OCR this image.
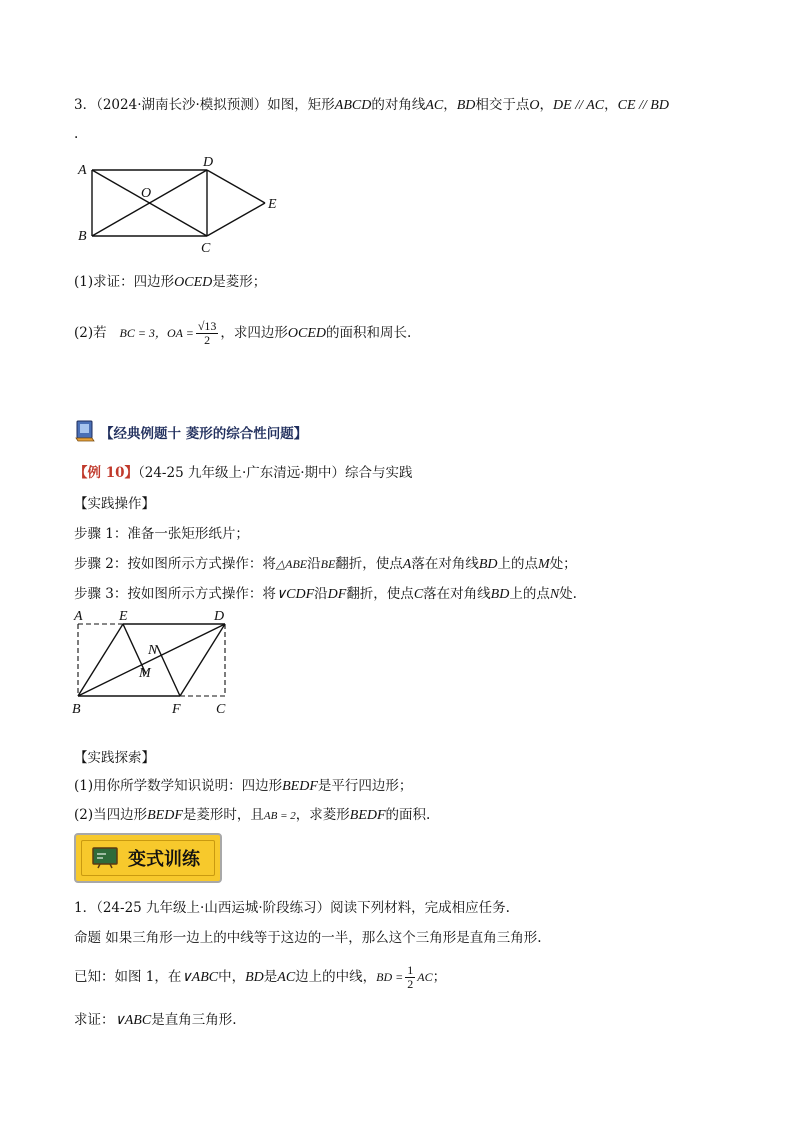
3．（2024·湖南长沙·模拟预测）如图，矩形ABCD的对角线AC，BD相交于点O，DE // AC，CE // BD
.
A
B
C
D
E
O
(1)求证：四边形OCED是菱形；
(2)若 BC = 3，OA = $\frac{√13}{2}$ ，求四边形OCED的面积和周长.
【经典例题十 菱形的综合性问题】
【例 10】（24-25 九年级上·广东清远·期中）综合与实践
【实践操作】
步骤 1：准备一张矩形纸片；
步骤 2：按如图所示方式操作：将△ABE沿BE翻折，使点A落在对角线BD上的点M处；
步骤 3：按如图所示方式操作：将∨CDF沿DF翻折，使点C落在对角线BD上的点N处.
A	E	D
N
M
B	F	C
【实践探索】
(1)用你所学数学知识说明：四边形BEDF是平行四边形；
(2)当四边形BEDF是菱形时，且AB = 2，求菱形BEDF的面积.
变式训练
1．（24-25 九年级上·山西运城·阶段练习）阅读下列材料，完成相应任务.
命题 如果三角形一边上的中线等于这边的一半，那么这个三角形是直角三角形.
已知：如图 1，在∨ABC中，BD是AC边上的中线，BD = $\frac{1}{2}$ AC；
求证：∨ABC是直角三角形.
